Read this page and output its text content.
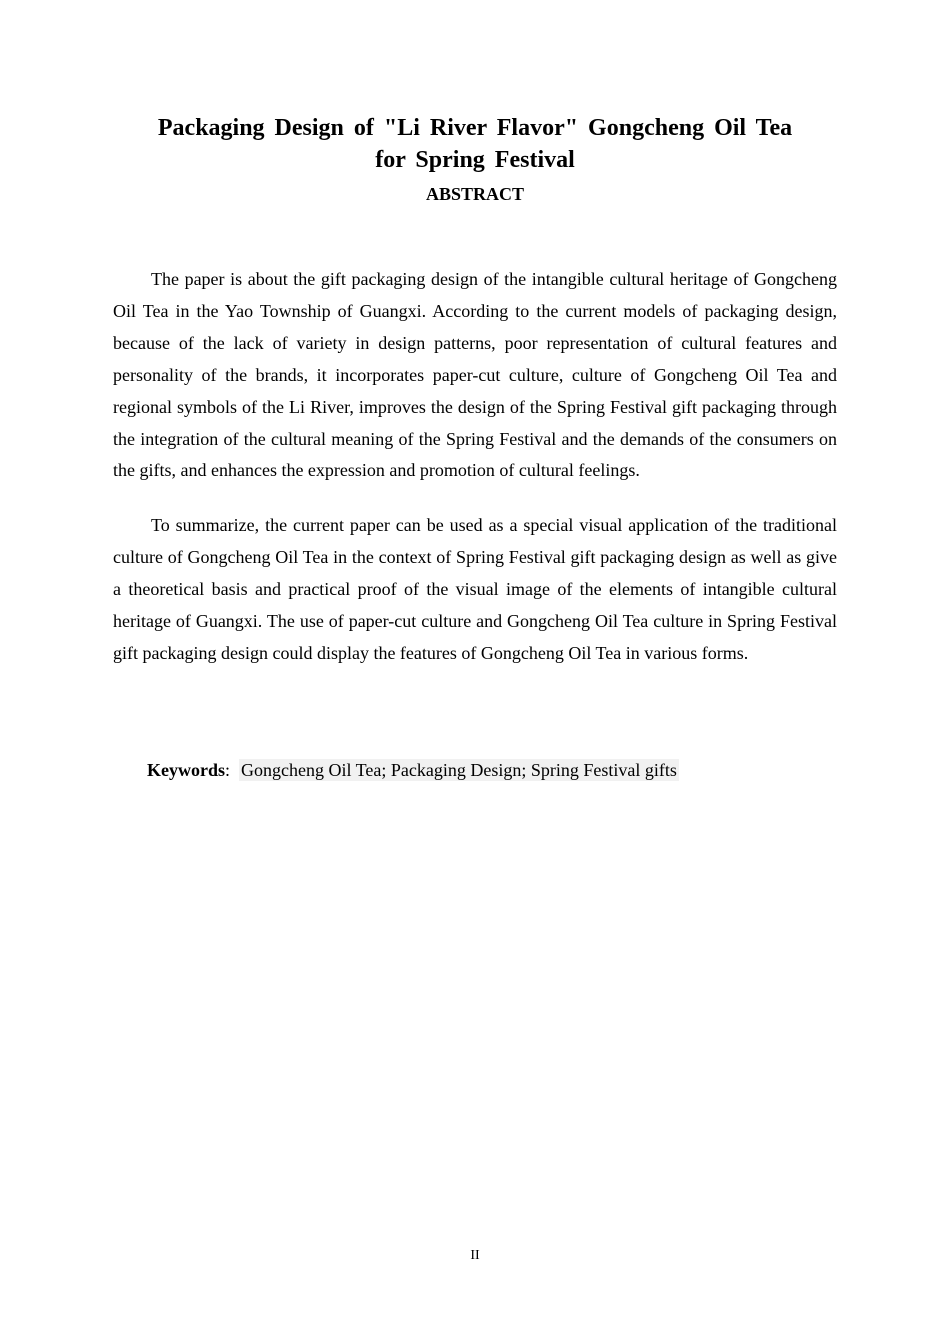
Packaging Design of "Li River Flavor" Gongcheng Oil Tea
for Spring Festival
ABSTRACT

The paper is about the gift packaging design of the intangible cultural heritage of Gongcheng Oil Tea in the Yao Township of Guangxi. According to the current models of packaging design, because of the lack of variety in design patterns, poor representation of cultural features and personality of the brands, it incorporates paper-cut culture, culture of Gongcheng Oil Tea and regional symbols of the Li River, improves the design of the Spring Festival gift packaging through the integration of the cultural meaning of the Spring Festival and the demands of the consumers on the gifts, and enhances the expression and promotion of cultural feelings.

To summarize, the current paper can be used as a special visual application of the traditional culture of Gongcheng Oil Tea in the context of Spring Festival gift packaging design as well as give a theoretical basis and practical proof of the visual image of the elements of intangible cultural heritage of Guangxi. The use of paper-cut culture and Gongcheng Oil Tea culture in Spring Festival gift packaging design could display the features of Gongcheng Oil Tea in various forms.

Keywords: Gongcheng Oil Tea; Packaging Design; Spring Festival gifts

II
